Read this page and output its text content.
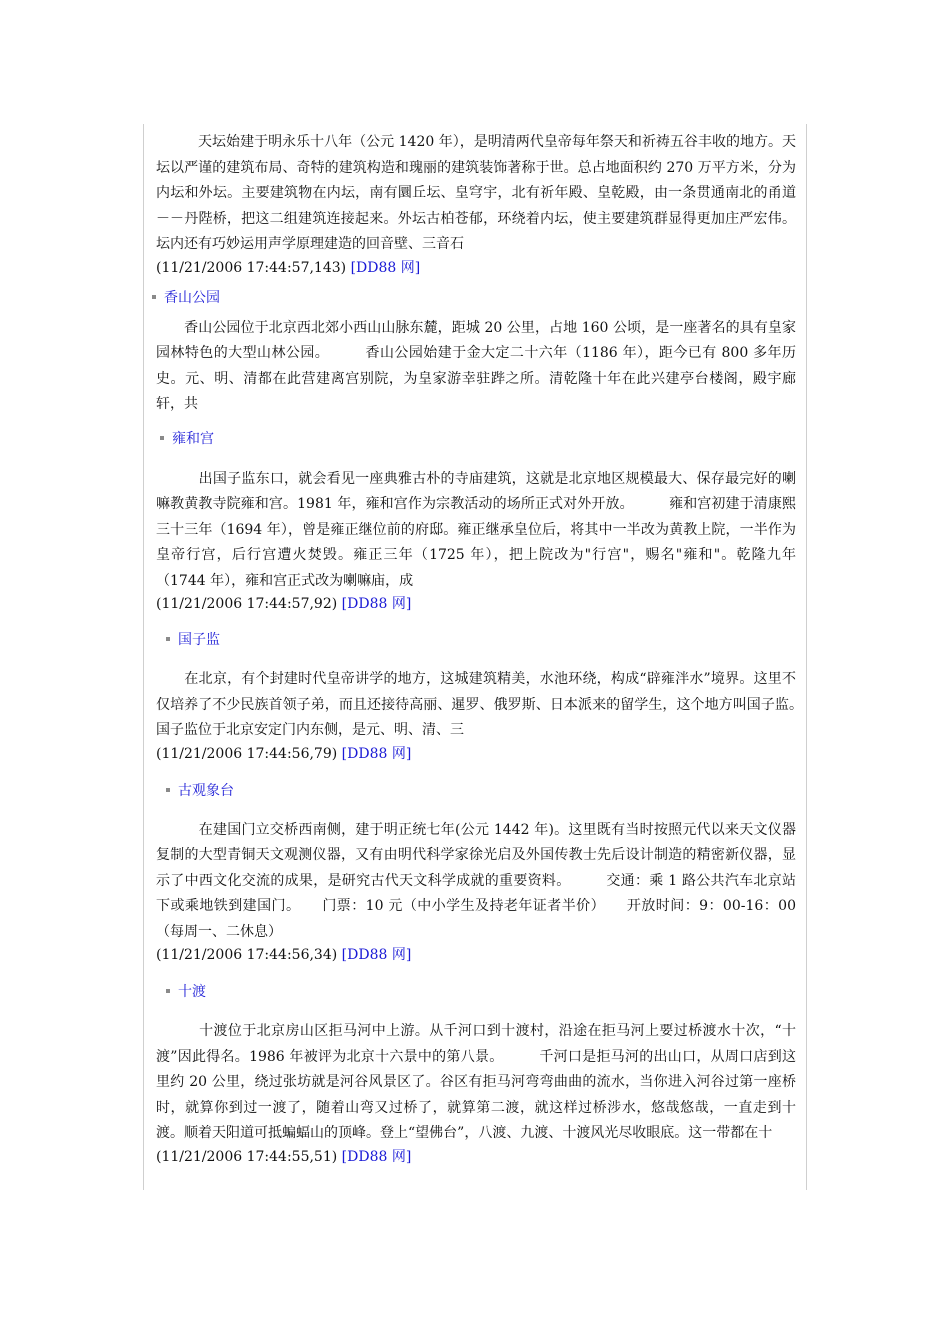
　　　天坛始建于明永乐十八年（公元 1420 年），是明清两代皇帝每年祭天和祈祷五谷丰收的地方。天坛以严谨的建筑布局、奇特的建筑构造和瑰丽的建筑装饰著称于世。总占地面积约 270 万平方米，分为内坛和外坛。主要建筑物在内坛，南有圜丘坛、皇穹宇，北有祈年殿、皇乾殿，由一条贯通南北的甬道－－丹陛桥，把这二组建筑连接起来。外坛古柏苍郁，环绕着内坛，使主要建筑群显得更加庄严宏伟。坛内还有巧妙运用声学原理建造的回音壁、三音石

(11/21/2006 17:44:57,143) [DD88 网]
香山公园

　　香山公园位于北京西北郊小西山山脉东麓，距城 20 公里，占地 160 公顷，是一座著名的具有皇家园林特色的大型山林公园。　　　香山公园始建于金大定二十六年（1186 年），距今已有 800 多年历史。元、明、清都在此营建离宫别院，为皇家游幸驻跸之所。清乾隆十年在此兴建亭台楼阁，殿宇廊轩，共

雍和宫

　　　出国子监东口，就会看见一座典雅古朴的寺庙建筑，这就是北京地区规模最大、保存最完好的喇嘛教黄教寺院雍和宫。1981 年，雍和宫作为宗教活动的场所正式对外开放。　　　雍和宫初建于清康熙三十三年（1694 年），曾是雍正继位前的府邸。雍正继承皇位后，将其中一半改为黄教上院，一半作为皇帝行宫，后行宫遭火焚毁。雍正三年（1725 年），把上院改为"行宫"，赐名"雍和"。乾隆九年（1744 年），雍和宫正式改为喇嘛庙，成

(11/21/2006 17:44:57,92) [DD88 网]
国子监

　　在北京，有个封建时代皇帝讲学的地方，这城建筑精美，水池环绕，构成“辟雍泮水”境界。这里不仅培养了不少民族首领子弟，而且还接待高丽、暹罗、俄罗斯、日本派来的留学生，这个地方叫国子监。　　　　国子监位于北京安定门内东侧，是元、明、清、三

(11/21/2006 17:44:56,79) [DD88 网]
古观象台

　　　在建国门立交桥西南侧，建于明正统七年(公元 1442 年)。这里既有当时按照元代以来天文仪器复制的大型青铜天文观测仪器，又有由明代科学家徐光启及外国传教士先后设计制造的精密新仪器，显示了中西文化交流的成果，是研究古代天文科学成就的重要资料。　　　交通：乘 1 路公共汽车北京站下或乘地铁到建国门。　　门票：10 元（中小学生及持老年证者半价）　　开放时间：9：00-16：00（每周一、二休息）

(11/21/2006 17:44:56,34) [DD88 网]
十渡

　　　十渡位于北京房山区拒马河中上游。从千河口到十渡村，沿途在拒马河上要过桥渡水十次，“十渡”因此得名。1986 年被评为北京十六景中的第八景。　　　千河口是拒马河的出山口，从周口店到这里约 20 公里，绕过张坊就是河谷风景区了。谷区有拒马河弯弯曲曲的流水，当你进入河谷过第一座桥时，就算你到过一渡了，随着山弯又过桥了，就算第二渡，就这样过桥涉水，悠哉悠哉，一直走到十渡。顺着天阳道可抵蝙蝠山的顶峰。登上“望佛台”，八渡、九渡、十渡风光尽收眼底。这一带都在十

(11/21/2006 17:44:55,51) [DD88 网]
